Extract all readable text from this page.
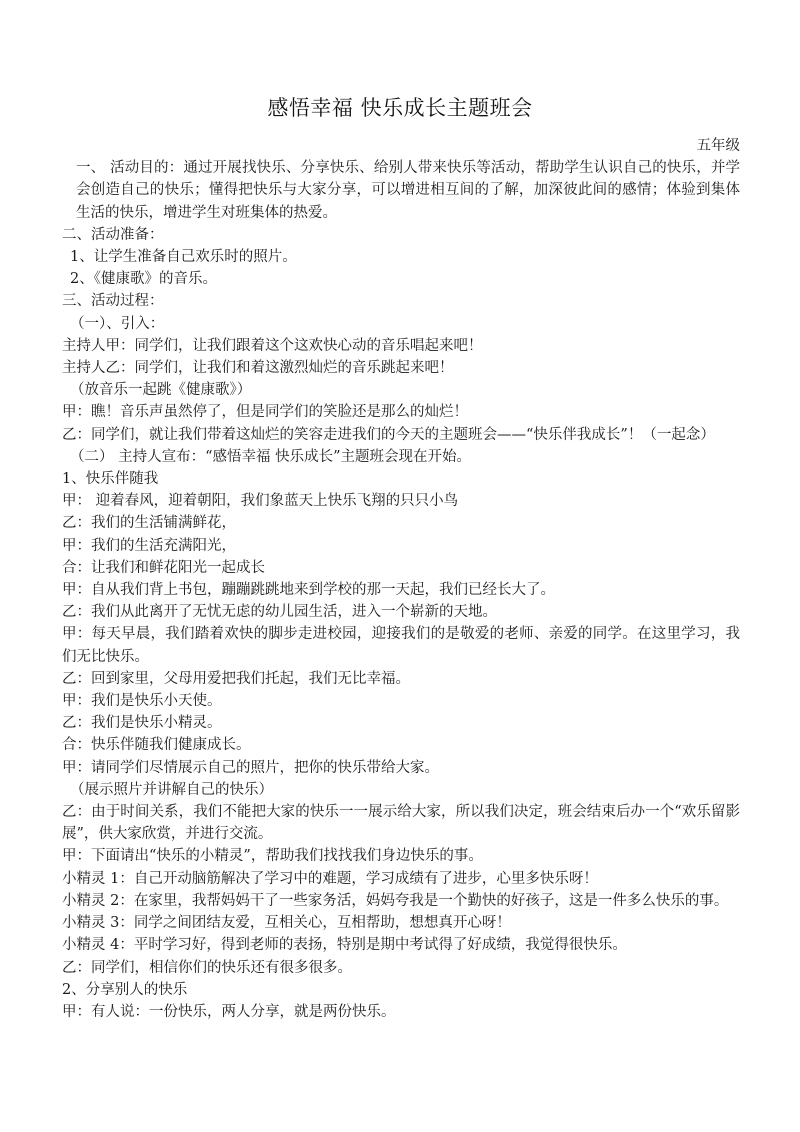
感悟幸福 快乐成长主题班会
五年级

一、 活动目的：通过开展找快乐、分享快乐、给别人带来快乐等活动，帮助学生认识自己的快乐，并学会创造自己的快乐；懂得把快乐与大家分享，可以增进相互间的了解，加深彼此间的感情；体验到集体生活的快乐，增进学生对班集体的热爱。

二、活动准备：

1、让学生准备自己欢乐时的照片。

2、《健康歌》的音乐。

三、活动过程：

（一）、引入：

主持人甲：同学们，让我们跟着这个这欢快心动的音乐唱起来吧！

主持人乙：同学们，让我们和着这激烈灿烂的音乐跳起来吧！

（放音乐一起跳《健康歌》）

甲：瞧！音乐声虽然停了，但是同学们的笑脸还是那么的灿烂！

乙：同学们，就让我们带着这灿烂的笑容走进我们的今天的主题班会——“快乐伴我成长”！（一起念）

（二） 主持人宣布：“感悟幸福 快乐成长”主题班会现在开始。

1、快乐伴随我

甲： 迎着春风，迎着朝阳，我们象蓝天上快乐飞翔的只只小鸟

乙：我们的生活铺满鲜花，

甲：我们的生活充满阳光，

合：让我们和鲜花阳光一起成长

甲：自从我们背上书包，蹦蹦跳跳地来到学校的那一天起，我们已经长大了。

乙：我们从此离开了无忧无虑的幼儿园生活，进入一个崭新的天地。

甲：每天早晨，我们踏着欢快的脚步走进校园，迎接我们的是敬爱的老师、亲爱的同学。在这里学习，我们无比快乐。

乙：回到家里，父母用爱把我们托起，我们无比幸福。

甲：我们是快乐小天使。

乙：我们是快乐小精灵。

合：快乐伴随我们健康成长。

甲：请同学们尽情展示自己的照片，把你的快乐带给大家。

（展示照片并讲解自己的快乐）

乙：由于时间关系，我们不能把大家的快乐一一展示给大家，所以我们决定，班会结束后办一个“欢乐留影展”，供大家欣赏，并进行交流。

甲：下面请出“快乐的小精灵”，帮助我们找找我们身边快乐的事。

小精灵 1：自己开动脑筋解决了学习中的难题，学习成绩有了进步，心里多快乐呀！

小精灵 2：在家里，我帮妈妈干了一些家务活，妈妈夸我是一个勤快的好孩子，这是一件多么快乐的事。

小精灵 3：同学之间团结友爱，互相关心，互相帮助，想想真开心呀！

小精灵 4：平时学习好，得到老师的表扬，特别是期中考试得了好成绩，我觉得很快乐。

乙：同学们，相信你们的快乐还有很多很多。

2、分享别人的快乐

甲：有人说：一份快乐，两人分享，就是两份快乐。
